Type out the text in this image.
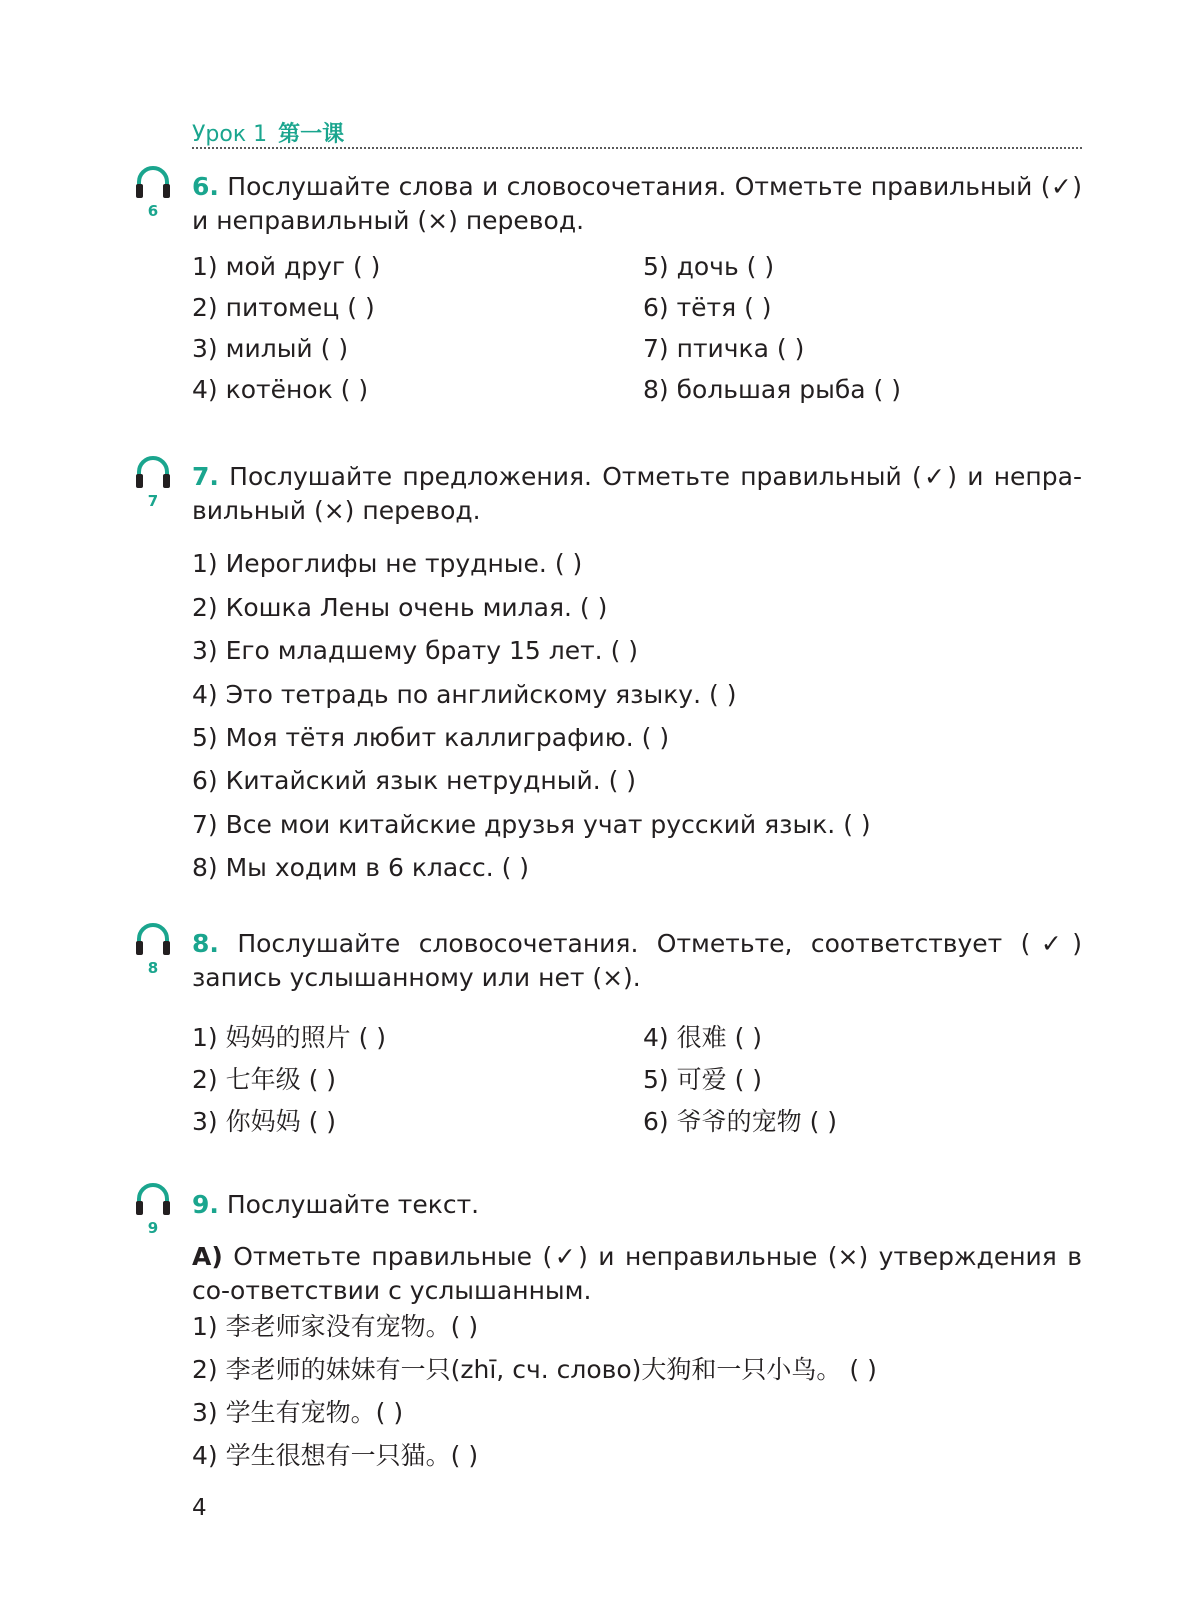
Урок 1 第一课
6
6. Послушайте слова и словосочетания. Отметьте правильный (✓) и неправильный (×) перевод.
1) мой друг ( )
2) питомец ( )
3) милый ( )
4) котёнок ( )
5) дочь ( )
6) тётя ( )
7) птичка ( )
8) большая рыба ( )
7
7. Послушайте предложения. Отметьте правильный (✓) и непра-вильный (×) перевод.
1) Иероглифы не трудные. ( )
2) Кошка Лены очень милая. ( )
3) Его младшему брату 15 лет. ( )
4) Это тетрадь по английскому языку. ( )
5) Моя тётя любит каллиграфию. ( )
6) Китайский язык нетрудный. ( )
7) Все мои китайские друзья учат русский язык. ( )
8) Мы ходим в 6 класс. ( )
8
8. Послушайте словосочетания. Отметьте, соответствует (✓) запись услышанному или нет (×).
1) 妈妈的照片 ( )
2) 七年级 ( )
3) 你妈妈 ( )
4) 很难 ( )
5) 可爱 ( )
6) 爷爷的宠物 ( )
9
9. Послушайте текст.
А) Отметьте правильные (✓) и неправильные (×) утверждения в со-ответствии с услышанным.
1) 李老师家没有宠物。( )
2) 李老师的妹妹有一只(zhī, сч. слово)大狗和一只小鸟。 ( )
3) 学生有宠物。( )
4) 学生很想有一只猫。( )
4
